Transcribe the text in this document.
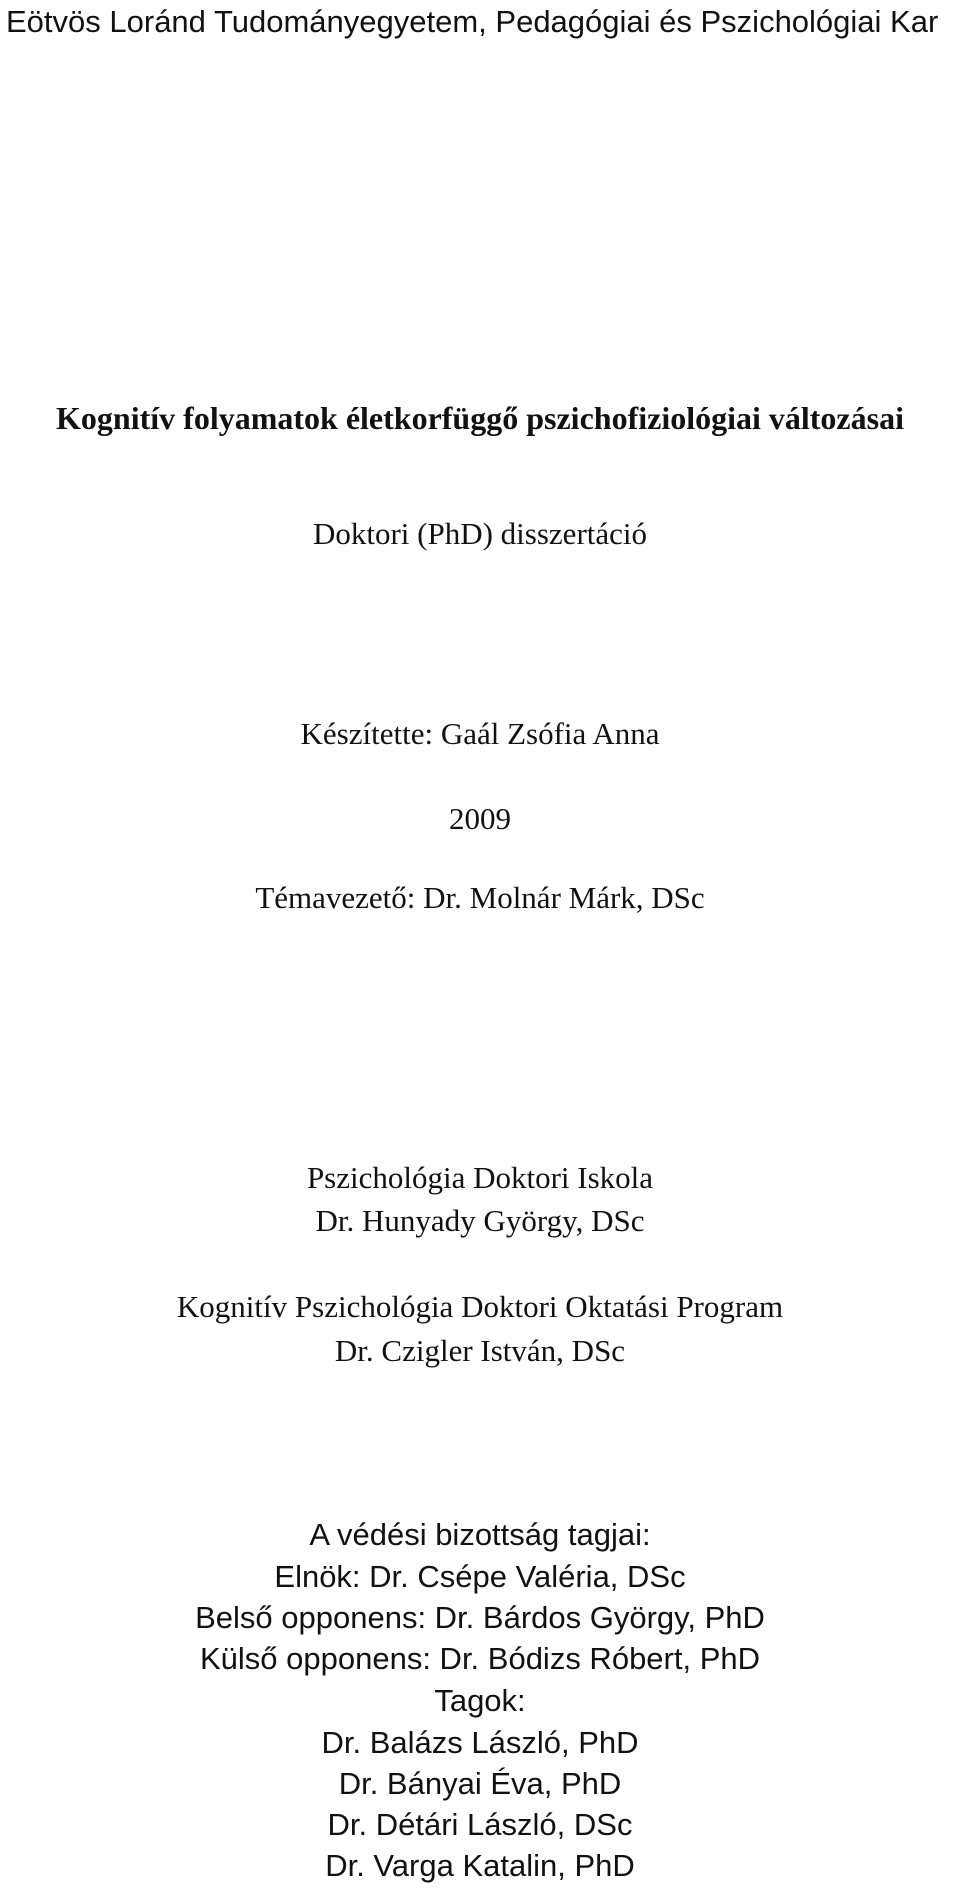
Eötvös Loránd Tudományegyetem, Pedagógiai és Pszichológiai Kar
Kognitív folyamatok életkorfüggő pszichofiziológiai változásai
Doktori (PhD) disszertáció
Készítette: Gaál Zsófia Anna
2009
Témavezető: Dr. Molnár Márk, DSc
Pszichológia Doktori Iskola
Dr. Hunyady György, DSc
Kognitív Pszichológia Doktori Oktatási Program
Dr. Czigler István, DSc
A védési bizottság tagjai:
Elnök: Dr. Csépe Valéria, DSc
Belső opponens: Dr. Bárdos György, PhD
Külső opponens: Dr. Bódizs Róbert, PhD
Tagok:
Dr. Balázs László, PhD
Dr. Bányai Éva, PhD
Dr. Détári László, DSc
Dr. Varga Katalin, PhD
